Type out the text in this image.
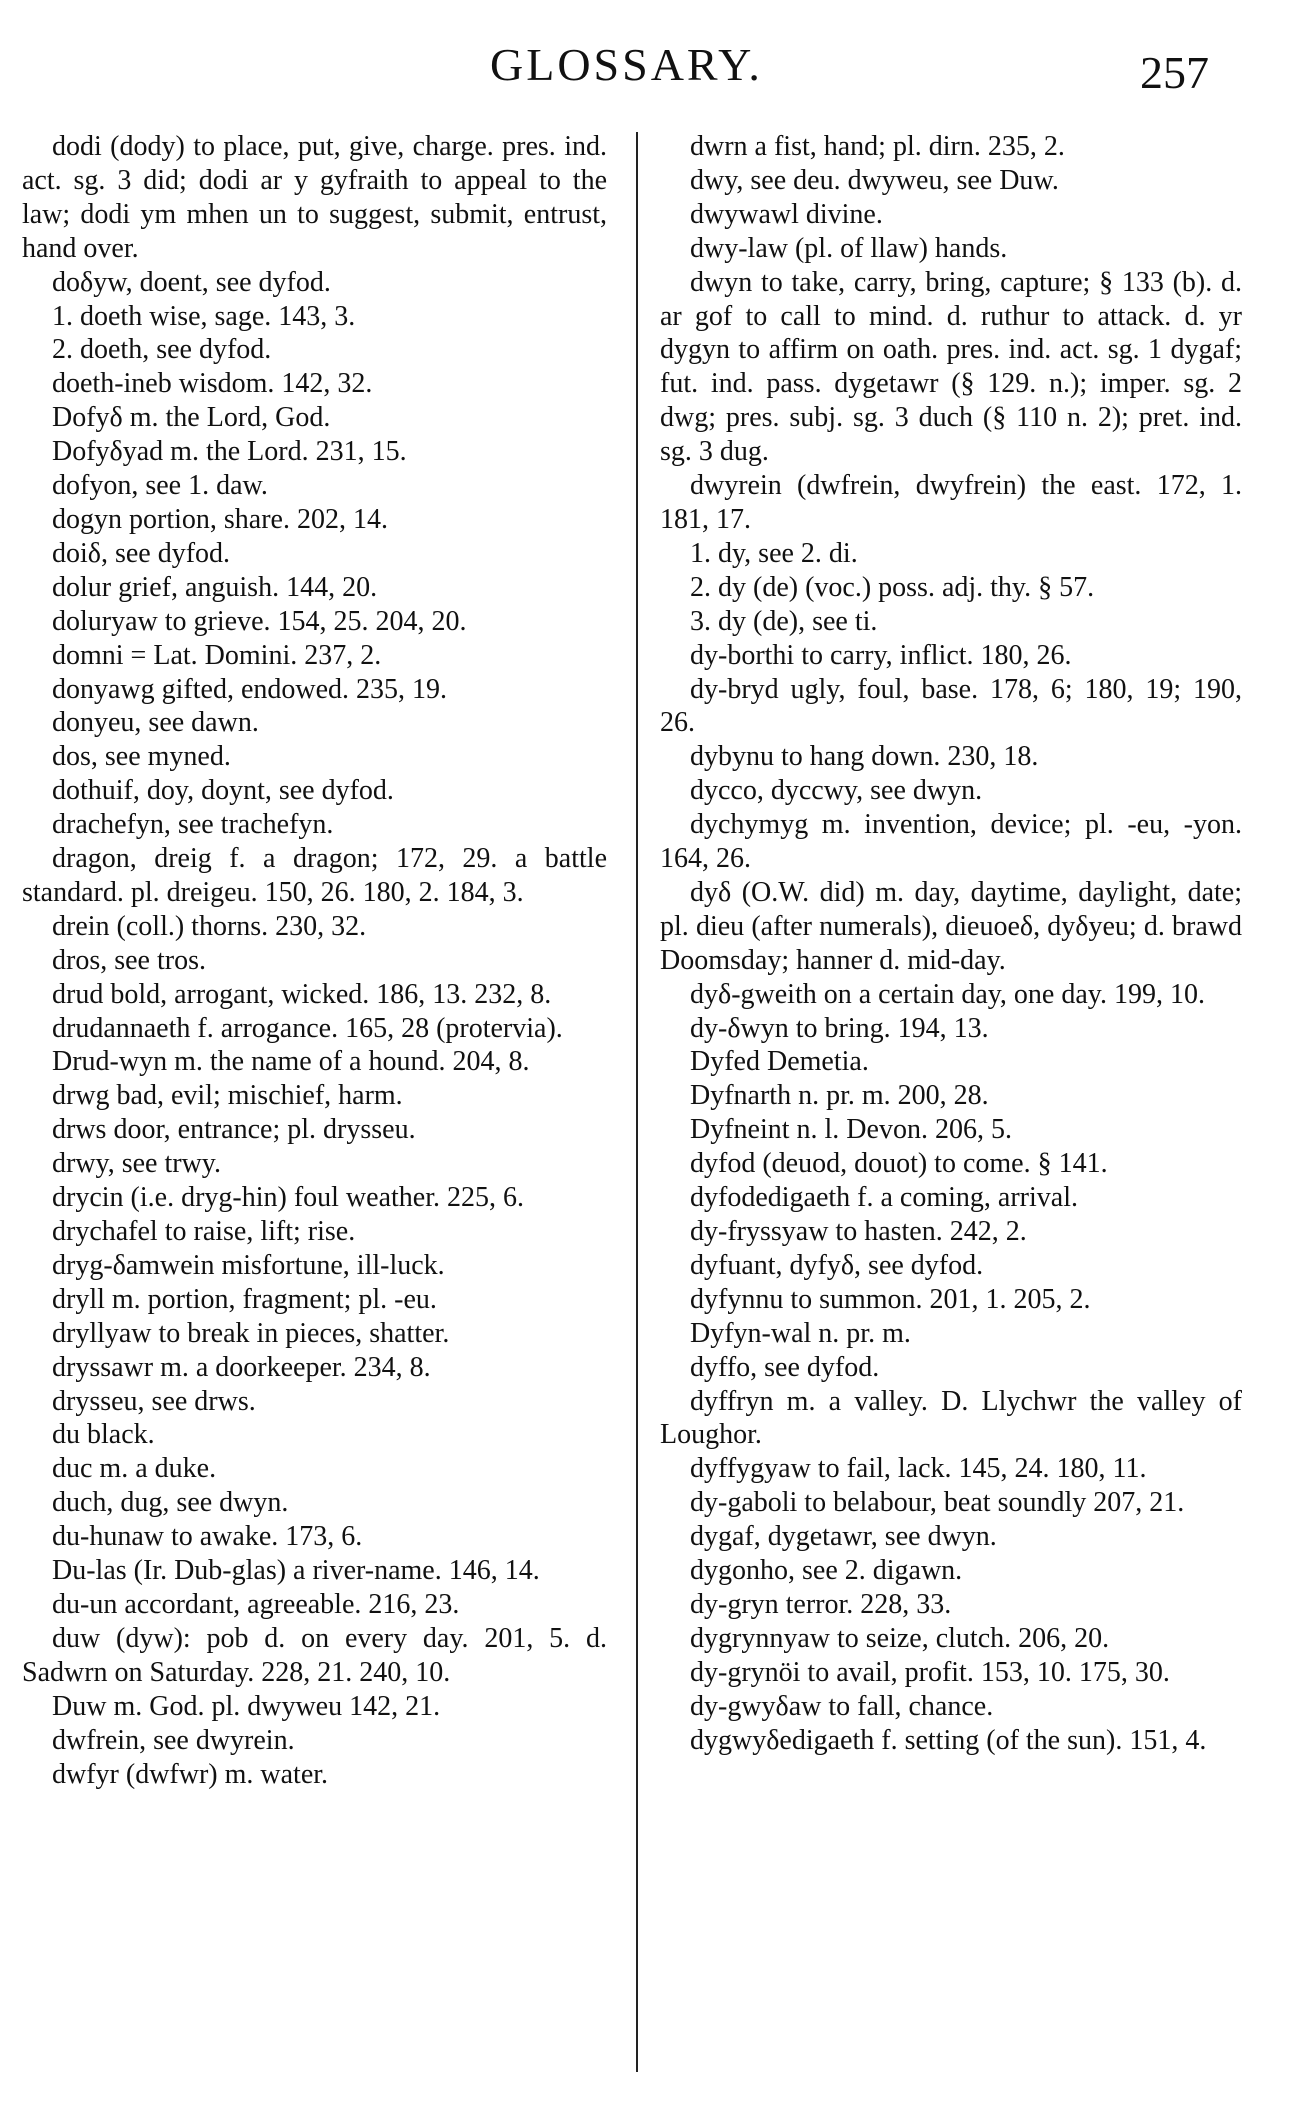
GLOSSARY.	257

dodi (dody) to place, put, give, charge. pres. ind. act. sg. 3 did; dodi ar y gyfraith to appeal to the law; dodi ym mhen un to suggest, submit, entrust, hand over.

doδyw, doent, see dyfod.

1. doeth wise, sage. 143, 3.

2. doeth, see dyfod.

doeth-ineb wisdom. 142, 32.

Dofyδ m. the Lord, God.

Dofyδyad m. the Lord. 231, 15.

dofyon, see 1. daw.

dogyn portion, share. 202, 14.

doiδ, see dyfod.

dolur grief, anguish. 144, 20.

doluryaw to grieve. 154, 25. 204, 20.

domni = Lat. Domini. 237, 2.

donyawg gifted, endowed. 235, 19.

donyeu, see dawn.

dos, see myned.

dothuif, doy, doynt, see dyfod.

drachefyn, see trachefyn.

dragon, dreig f. a dragon; 172, 29. a battle standard. pl. dreigeu. 150, 26. 180, 2. 184, 3.

drein (coll.) thorns. 230, 32.

dros, see tros.

drud bold, arrogant, wicked. 186, 13. 232, 8.

drudannaeth f. arrogance. 165, 28 (protervia).

Drud-wyn m. the name of a hound. 204, 8.

drwg bad, evil; mischief, harm.

drws door, entrance; pl. drysseu.

drwy, see trwy.

drycin (i.e. dryg-hin) foul weather. 225, 6.

drychafel to raise, lift; rise.

dryg-δamwein misfortune, ill-luck.

dryll m. portion, fragment; pl. -eu.

dryllyaw to break in pieces, shatter.

dryssawr m. a doorkeeper. 234, 8.

drysseu, see drws.

du black.

duc m. a duke.

duch, dug, see dwyn.

du-hunaw to awake. 173, 6.

Du-las (Ir. Dub-glas) a river-name. 146, 14.

du-un accordant, agreeable. 216, 23.

duw (dyw): pob d. on every day. 201, 5. d. Sadwrn on Saturday. 228, 21. 240, 10.

Duw m. God. pl. dwyweu 142, 21.

dwfrein, see dwyrein.

dwfyr (dwfwr) m. water.

dwrn a fist, hand; pl. dirn. 235, 2.

dwy, see deu. dwyweu, see Duw.

dwywawl divine.

dwy-law (pl. of llaw) hands.

dwyn to take, carry, bring, capture; § 133 (b). d. ar gof to call to mind. d. ruthur to attack. d. yr dygyn to affirm on oath. pres. ind. act. sg. 1 dygaf; fut. ind. pass. dygetawr (§ 129. n.); imper. sg. 2 dwg; pres. subj. sg. 3 duch (§ 110 n. 2); pret. ind. sg. 3 dug.

dwyrein (dwfrein, dwyfrein) the east. 172, 1. 181, 17.

1. dy, see 2. di.

2. dy (de) (voc.) poss. adj. thy. § 57.

3. dy (de), see ti.

dy-borthi to carry, inflict. 180, 26.

dy-bryd ugly, foul, base. 178, 6; 180, 19; 190, 26.

dybynu to hang down. 230, 18.

dycco, dyccwy, see dwyn.

dychymyg m. invention, device; pl. -eu, -yon. 164, 26.

dyδ (O.W. did) m. day, daytime, daylight, date; pl. dieu (after numerals), dieuoeδ, dyδyeu; d. brawd Doomsday; hanner d. mid-day.

dyδ-gweith on a certain day, one day. 199, 10.

dy-δwyn to bring. 194, 13.

Dyfed Demetia.

Dyfnarth n. pr. m. 200, 28.

Dyfneint n. l. Devon. 206, 5.

dyfod (deuod, douot) to come. § 141.

dyfodedigaeth f. a coming, arrival.

dy-fryssyaw to hasten. 242, 2.

dyfuant, dyfyδ, see dyfod.

dyfynnu to summon. 201, 1. 205, 2.

Dyfyn-wal n. pr. m.

dyffo, see dyfod.

dyffryn m. a valley. D. Llychwr the valley of Loughor.

dyffygyaw to fail, lack. 145, 24. 180, 11.

dy-gaboli to belabour, beat soundly 207, 21.

dygaf, dygetawr, see dwyn.

dygonho, see 2. digawn.

dy-gryn terror. 228, 33.

dygrynnyaw to seize, clutch. 206, 20.

dy-grynöi to avail, profit. 153, 10. 175, 30.

dy-gwyδaw to fall, chance.

dygwyδedigaeth f. setting (of the sun). 151, 4.
